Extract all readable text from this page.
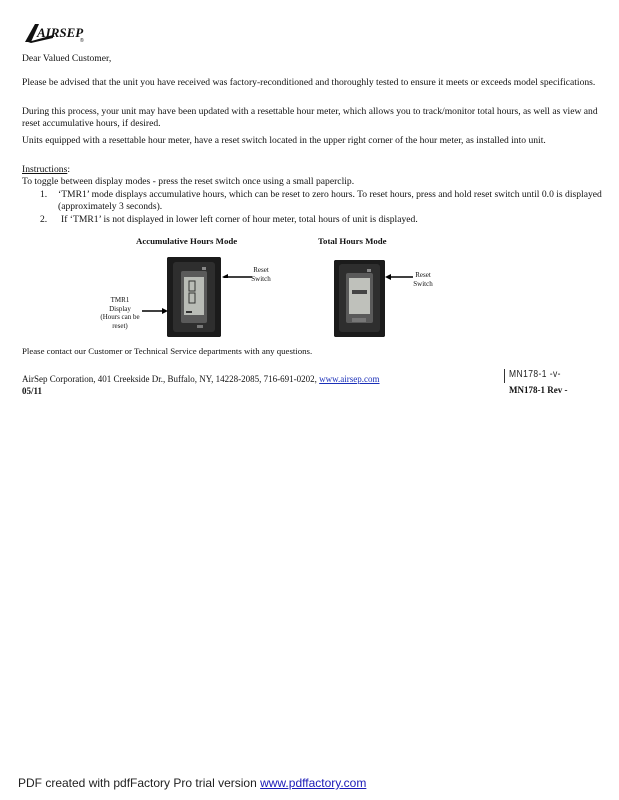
AIRSEP
®
Dear Valued Customer,
Please be advised that the unit you have received was factory-reconditioned and thoroughly tested to ensure it meets or exceeds model specifications.
During this process, your unit may have been updated with a resettable hour meter, which allows you to track/monitor total hours, as well as view and reset accumulative hours, if desired.
Units equipped with a resettable hour meter, have a reset switch located in the upper right corner of the hour meter, as installed into unit.
Instructions:
To toggle between display modes - press the reset switch once using a small paperclip.
1. ‘TMR1’ mode displays accumulative hours, which can be reset to zero hours. To reset hours, press and hold reset switch until 0.0 is displayed (approximately 3 seconds).
2. If ‘TMR1’ is not displayed in lower left corner of hour meter, total hours of unit is displayed.
Accumulative Hours Mode	Total Hours Mode
Reset
Switch
TMR1
Display
(Hours can be
reset)
Reset
Switch
Please contact our Customer or Technical Service departments with any questions.
AirSep Corporation, 401 Creekside Dr., Buffalo, NY, 14228-2085, 716-691-0202, www.airsep.com
05/11
MN178-1 -v-
MN178-1 Rev -
PDF created with pdfFactory Pro trial version www.pdffactory.com
